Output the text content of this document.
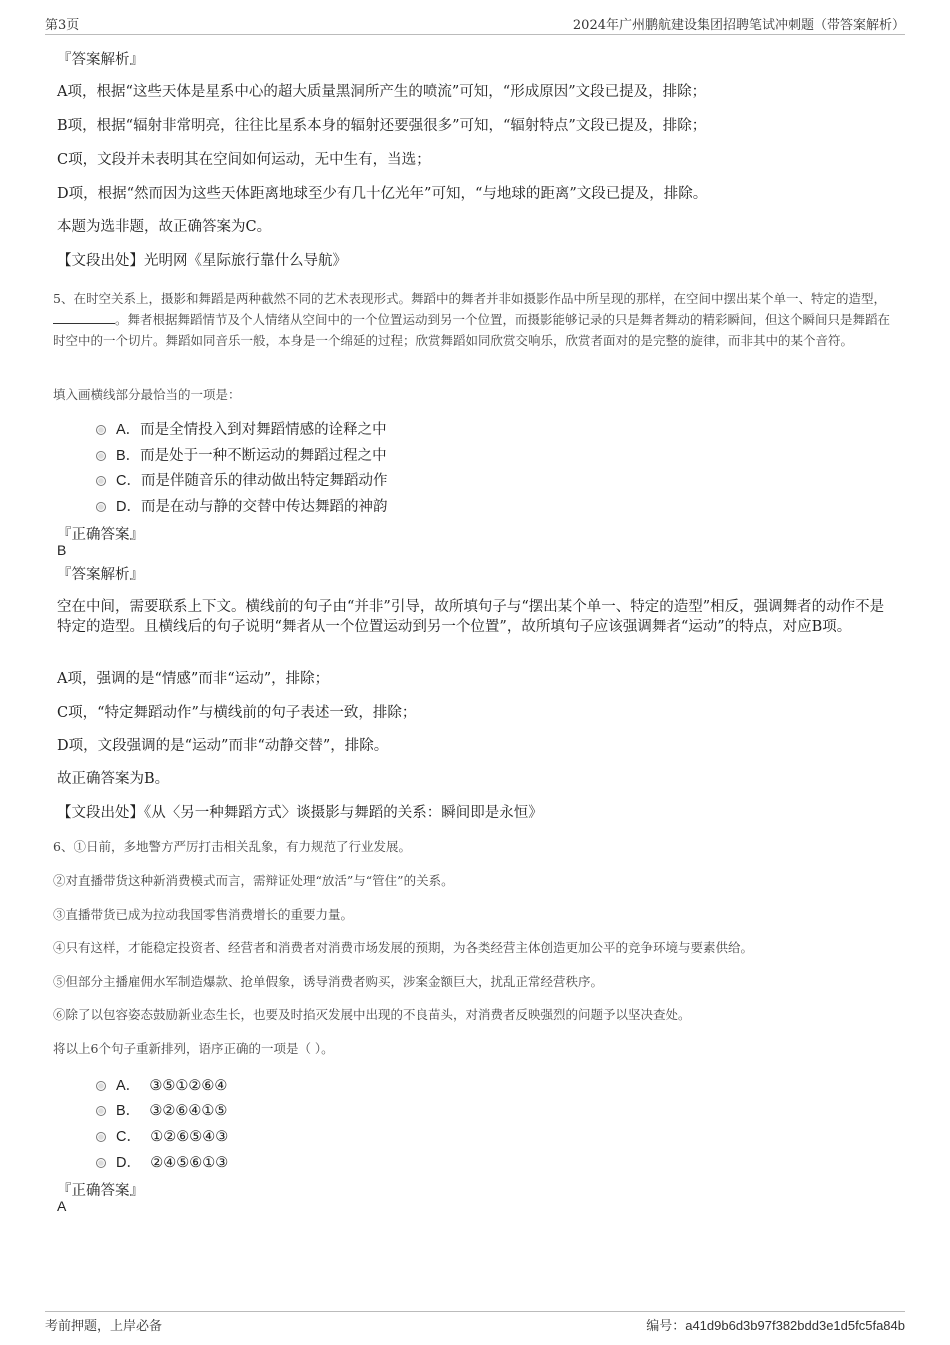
第3页	2024年广州鹏航建设集团招聘笔试冲刺题（带答案解析）
『答案解析』
A项，根据“这些天体是星系中心的超大质量黑洞所产生的喷流”可知，“形成原因”文段已提及，排除；
B项，根据“辐射非常明亮，往往比星系本身的辐射还要强很多”可知，“辐射特点”文段已提及，排除；
C项，文段并未表明其在空间如何运动，无中生有，当选；
D项，根据“然而因为这些天体距离地球至少有几十亿光年”可知，“与地球的距离”文段已提及，排除。
本题为选非题，故正确答案为C。
【文段出处】光明网《星际旅行靠什么导航》
5、在时空关系上，摄影和舞蹈是两种截然不同的艺术表现形式。舞蹈中的舞者并非如摄影作品中所呈现的那样，在空间中摆出某个单一、特定的造型，。舞者根据舞蹈情节及个人情绪从空间中的一个位置运动到另一个位置，而摄影能够记录的只是舞者舞动的精彩瞬间，但这个瞬间只是舞蹈在时空中的一个切片。舞蹈如同音乐一般，本身是一个绵延的过程；欣赏舞蹈如同欣赏交响乐，欣赏者面对的是完整的旋律，而非其中的某个音符。
填入画横线部分最恰当的一项是：
A．而是全情投入到对舞蹈情感的诠释之中
B．而是处于一种不断运动的舞蹈过程之中
C．而是伴随音乐的律动做出特定舞蹈动作
D．而是在动与静的交替中传达舞蹈的神韵
『正确答案』
B
『答案解析』
空在中间，需要联系上下文。横线前的句子由“并非”引导，故所填句子与“摆出某个单一、特定的造型”相反，强调舞者的动作不是特定的造型。且横线后的句子说明“舞者从一个位置运动到另一个位置”，故所填句子应该强调舞者“运动”的特点，对应B项。
A项，强调的是“情感”而非“运动”，排除；
C项，“特定舞蹈动作”与横线前的句子表述一致，排除；
D项，文段强调的是“运动”而非“动静交替”，排除。
故正确答案为B。
【文段出处】《从〈另一种舞蹈方式〉谈摄影与舞蹈的关系：瞬间即是永恒》
6、①日前，多地警方严厉打击相关乱象，有力规范了行业发展。
②对直播带货这种新消费模式而言，需辩证处理“放活”与“管住”的关系。
③直播带货已成为拉动我国零售消费增长的重要力量。
④只有这样，才能稳定投资者、经营者和消费者对消费市场发展的预期，为各类经营主体创造更加公平的竞争环境与要素供给。
⑤但部分主播雇佣水军制造爆款、抢单假象，诱导消费者购买，涉案金额巨大，扰乱正常经营秩序。
⑥除了以包容姿态鼓励新业态生长，也要及时掐灭发展中出现的不良苗头，对消费者反映强烈的问题予以坚决查处。
将以上6个句子重新排列，语序正确的一项是（ ）。
A． ③⑤①②⑥④
B． ③②⑥④①⑤
C． ①②⑥⑤④③
D． ②④⑤⑥①③
『正确答案』
A
考前押题，上岸必备	编号：a41d9b6d3b97f382bdd3e1d5fc5fa84b
